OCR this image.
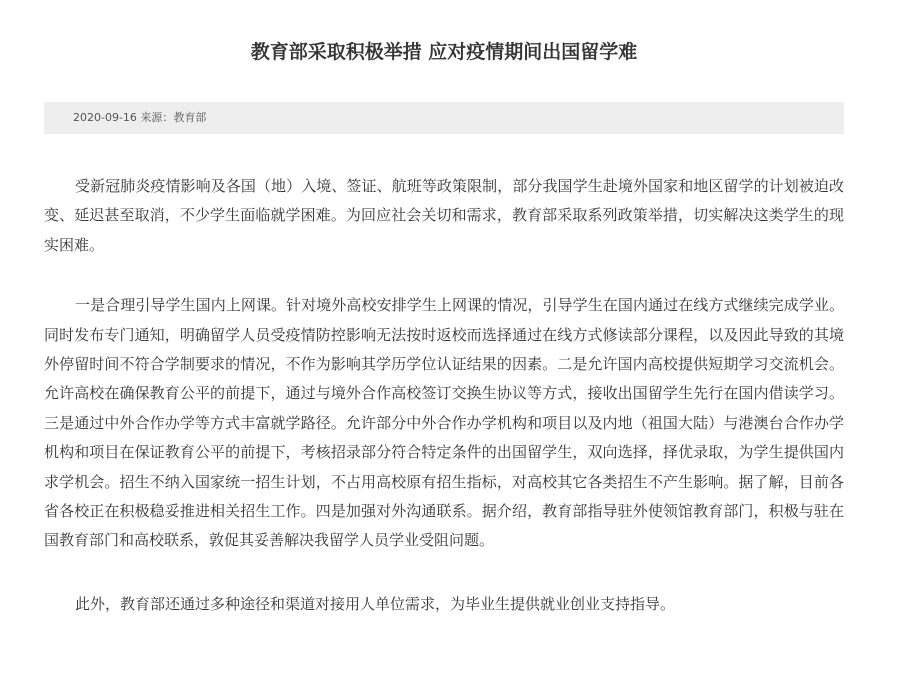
教育部采取积极举措 应对疫情期间出国留学难
2020-09-16 来源：教育部

受新冠肺炎疫情影响及各国（地）入境、签证、航班等政策限制，部分我国学生赴境外国家和地区留学的计划被迫改变、延迟甚至取消，不少学生面临就学困难。为回应社会关切和需求，教育部采取系列政策举措，切实解决这类学生的现实困难。

一是合理引导学生国内上网课。针对境外高校安排学生上网课的情况，引导学生在国内通过在线方式继续完成学业。同时发布专门通知，明确留学人员受疫情防控影响无法按时返校而选择通过在线方式修读部分课程，以及因此导致的其境外停留时间不符合学制要求的情况，不作为影响其学历学位认证结果的因素。二是允许国内高校提供短期学习交流机会。允许高校在确保教育公平的前提下，通过与境外合作高校签订交换生协议等方式，接收出国留学生先行在国内借读学习。三是通过中外合作办学等方式丰富就学路径。允许部分中外合作办学机构和项目以及内地（祖国大陆）与港澳台合作办学机构和项目在保证教育公平的前提下，考核招录部分符合特定条件的出国留学生，双向选择，择优录取，为学生提供国内求学机会。招生不纳入国家统一招生计划，不占用高校原有招生指标，对高校其它各类招生不产生影响。据了解，目前各省各校正在积极稳妥推进相关招生工作。四是加强对外沟通联系。据介绍，教育部指导驻外使领馆教育部门，积极与驻在国教育部门和高校联系，敦促其妥善解决我留学人员学业受阻问题。

此外，教育部还通过多种途径和渠道对接用人单位需求，为毕业生提供就业创业支持指导。
